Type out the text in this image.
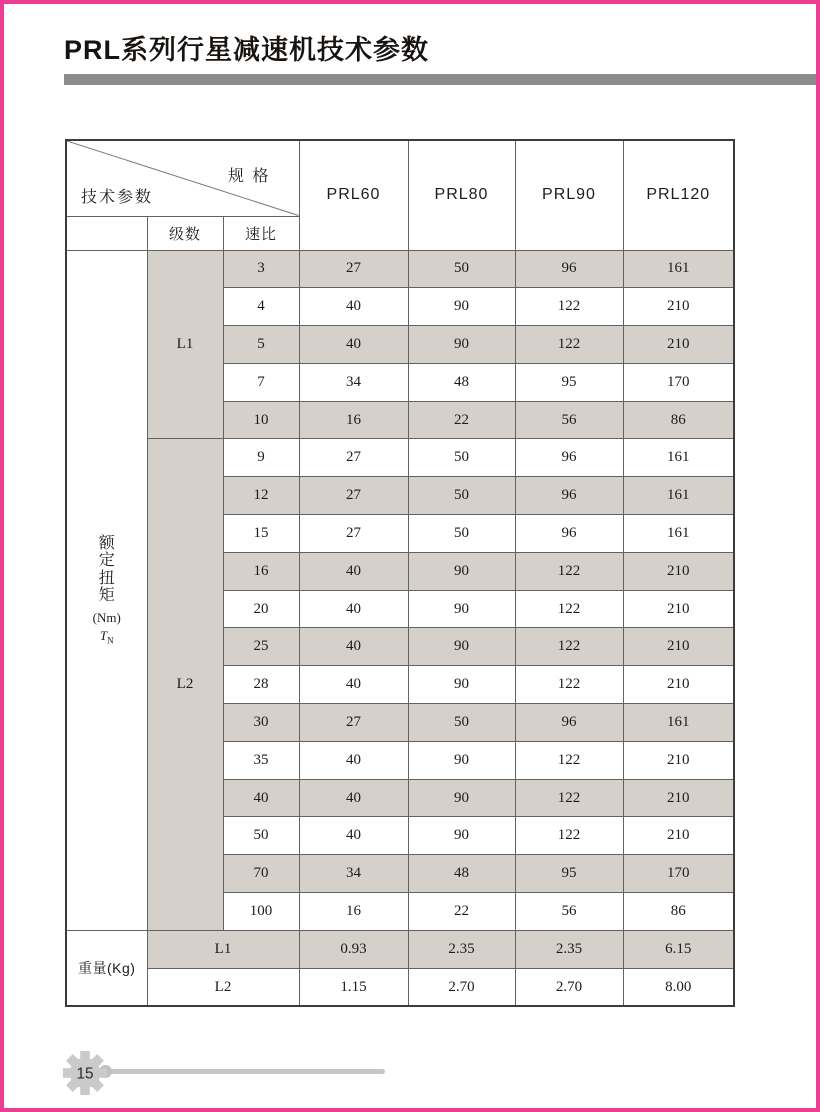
PRL系列行星减速机技术参数
规 格
技术参数			PRL60	PRL80	PRL90	PRL120
	级数	速比				

额
定
扭
矩
(Nm)
$T_N$
	L1	3	27	50	96	161
		4	40	90	122	210
		5	40	90	122	210
		7	34	48	95	170
		10	16	22	56	86
	L2	9	27	50	96	161
		12	27	50	96	161
		15	27	50	96	161
		16	40	90	122	210
		20	40	90	122	210
		25	40	90	122	210
		28	40	90	122	210
		30	27	50	96	161
		35	40	90	122	210
		40	40	90	122	210
		50	40	90	122	210
		70	34	48	95	170
		100	16	22	56	86
重量(Kg)	L1		0.93	2.35	2.35	6.15
	L2		1.15	2.70	2.70	8.00
15
